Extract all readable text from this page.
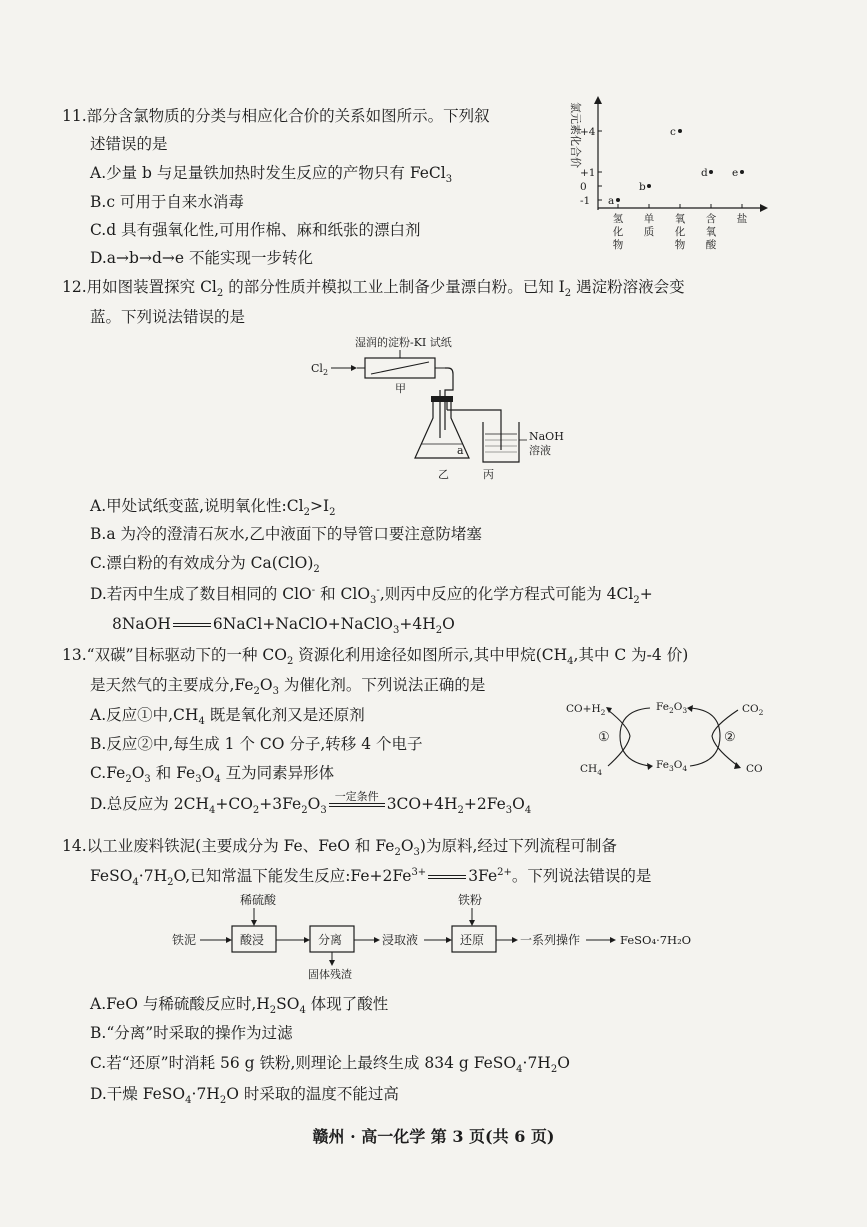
11.部分含氯物质的分类与相应化合价的关系如图所示。下列叙
述错误的是
A.少量 b 与足量铁加热时发生反应的产物只有 FeCl$_3$
B.c 可用于自来水消毒
C.d 具有强氧化性,可用作棉、麻和纸张的漂白剂
D.a→b→d→e 不能实现一步转化
氯元素化合价
+4
+1
0
-1
氢化物
单质
氧化物
含氧酸
盐
a
b
c
d e
12.用如图装置探究 $Cl_2$ 的部分性质并模拟工业上制备少量漂白粉。已知 $I_2$ 遇淀粉溶液会变
蓝。下列说法错误的是
湿润的淀粉-KI 试纸
$Cl_2$
甲
a
乙
NaOH
溶液
丙
A.甲处试纸变蓝,说明氧化性$:Cl_2>I_2$
B.a 为冷的澄清石灰水,乙中液面下的导管口要注意防堵塞
C.漂白粉的有效成分为 $Ca(ClO)_2$
D.若丙中生成了数目相同的 ClO- 和 ClO$_3$-,则丙中反应的化学方程式可能为 $4Cl_2+$
8NaOH	$6NaCl+NaClO+NaClO_3+4H_2O$
13.“双碳”目标驱动下的一种 $CO_2$ 资源化利用途径如图所示,其中甲烷($CH_4$,其中 C 为-4 价)
是天然气的主要成分$,Fe_2O_3$ 为催化剂。下列说法正确的是
A.反应①中$,CH_4$ 既是氧化剂又是还原剂
B.反应②中,每生成 1 个 CO 分子,转移 4 个电子
$C.Fe_2O_3$ 和 $Fe_3O_4$ 互为同素异形体
D.总反应为 $2CH_4+CO_2+3Fe_2O_3$
一定条件 $3CO+4H_2+2Fe_3O_4$
$CO+H_2$	$Fe_2O_3$	$CO_2$
$CH_4$
$Fe_3O_4$	CO
①	②
14.以工业废料铁泥(主要成分为 Fe、FeO 和 $Fe_2O_3$)为原料,经过下列流程可制备
$FeSO_4\cdot 7H_2O$,已知常温下能发生反应$:Fe+2Fe^{3+}$	$3Fe^{2+}$。下列说法错误的是
铁泥
稀硫酸
酸浸	分离
固体残渣
浸取液
铁粉
还原	一系列操作	FeSO₄·7H₂O
A.FeO 与稀硫酸反应时$,H_2SO_4$ 体现了酸性
B.“分离”时采取的操作为过滤
C.若“还原”时消耗 56 g 铁粉,则理论上最终生成 834 g $FeSO_4\cdot 7H_2O$
D.干燥 $FeSO_4\cdot 7H_2O$ 时采取的温度不能过高
赣州 · 高一化学 第 3 页(共 6 页)
